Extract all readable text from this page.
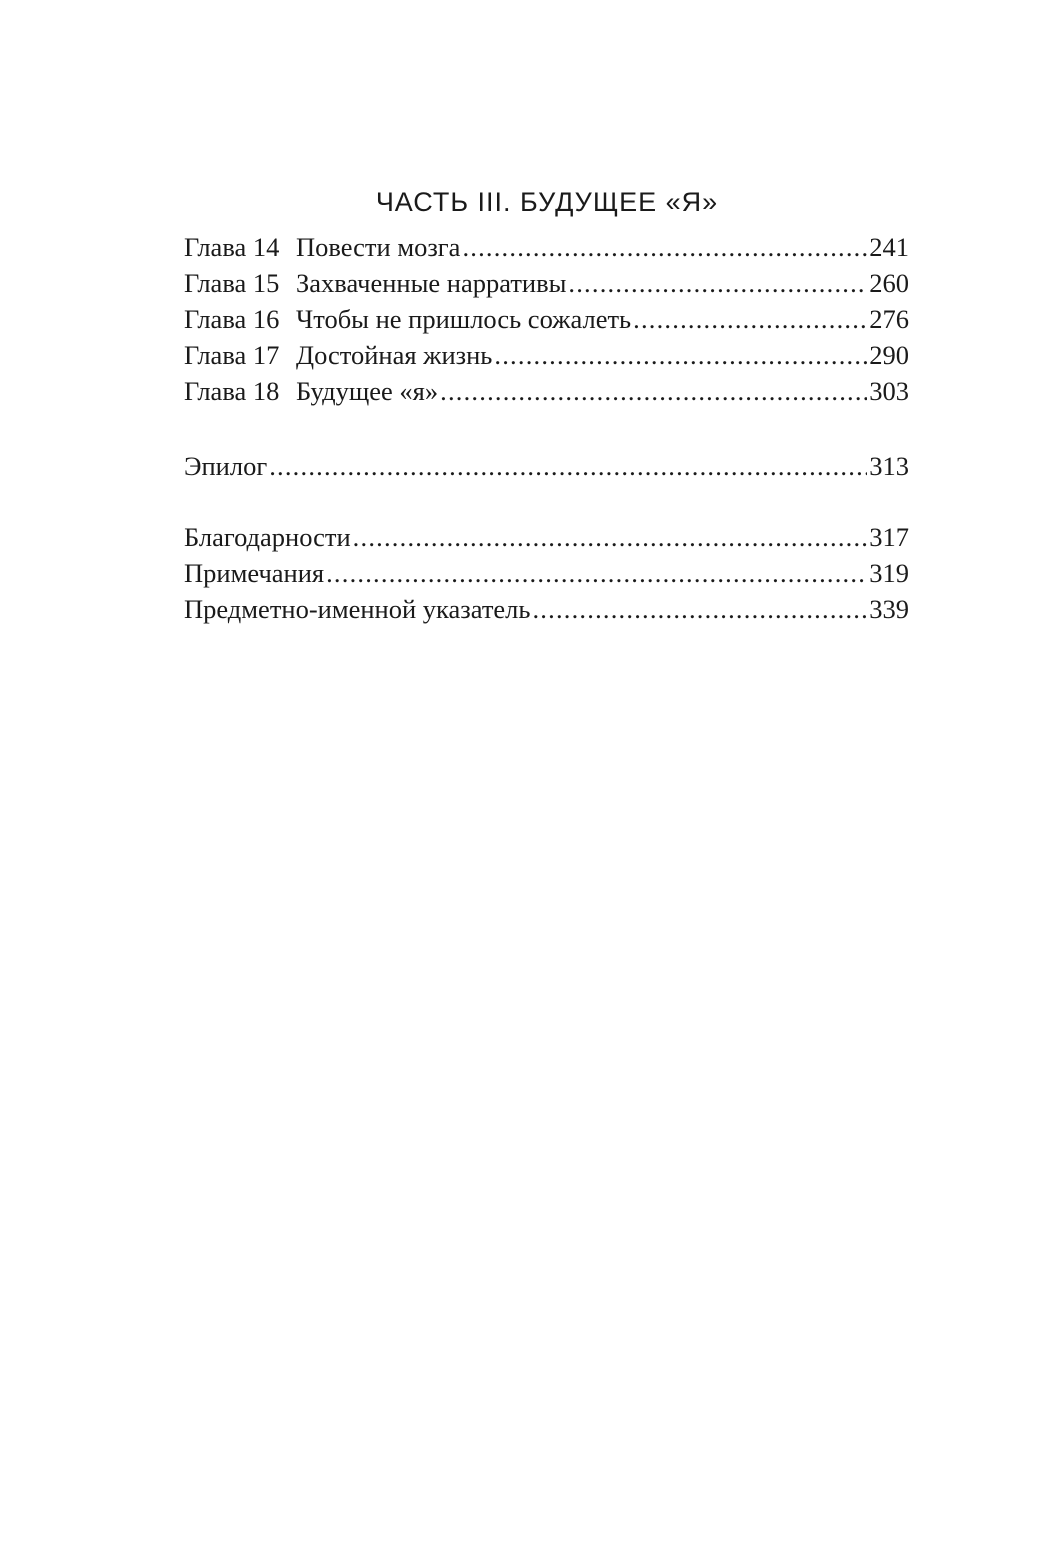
ЧАСТЬ III. БУДУЩЕЕ «Я»
Глава 14 Повести мозга .....	241
Глава 15 Захваченные нарративы .....	260
Глава 16 Чтобы не пришлось сожалеть .....	276
Глава 17 Достойная жизнь .....	290
Глава 18 Будущее «я» .....	303
Эпилог .....	313
Благодарности .....	317
Примечания .....	319
Предметно-именной указатель .....	339
